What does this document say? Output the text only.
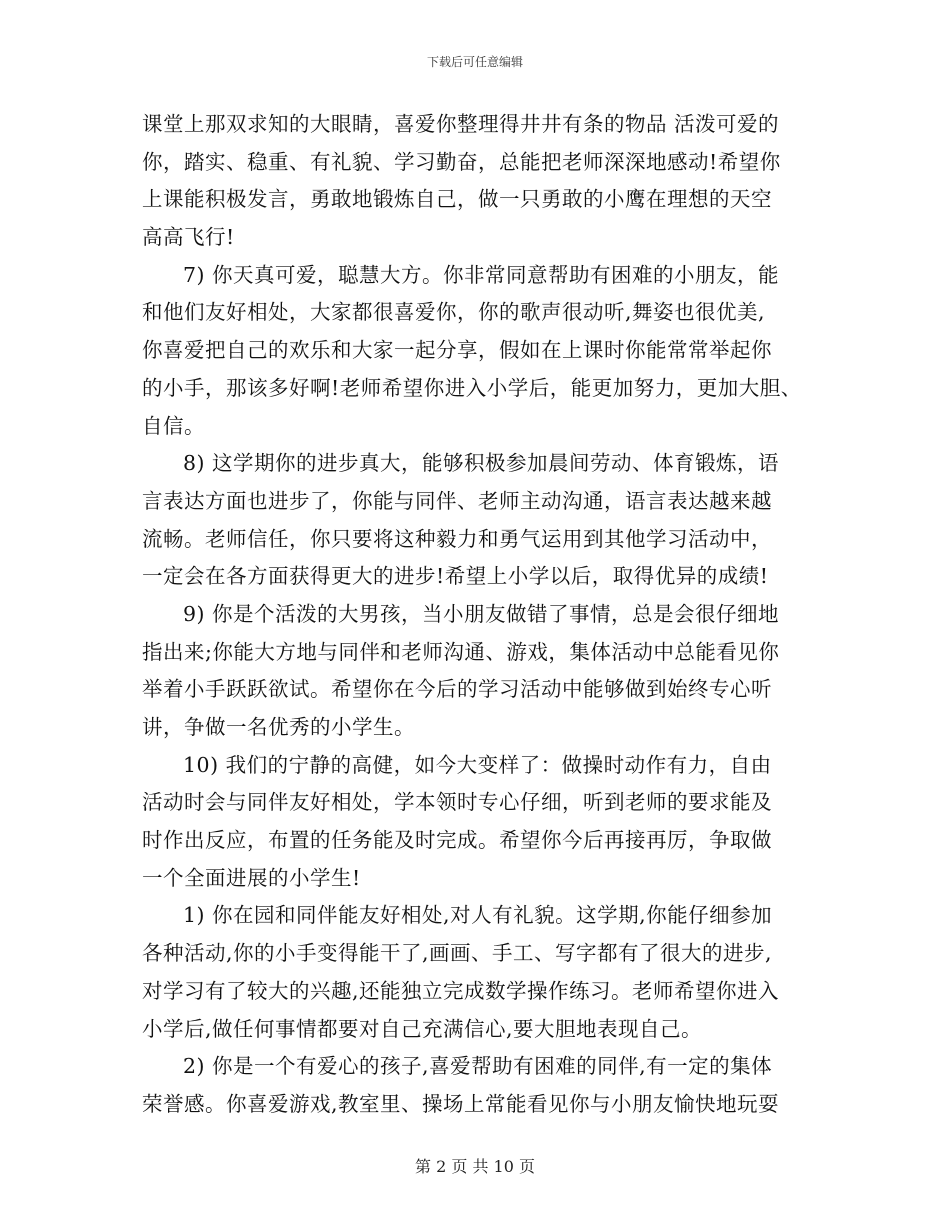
下载后可任意编辑
课堂上那双求知的大眼睛，喜爱你整理得井井有条的物品 活泼可爱的
你，踏实、稳重、有礼貌、学习勤奋，总能把老师深深地感动!希望你
上课能积极发言，勇敢地锻炼自己，做一只勇敢的小鹰在理想的天空
高高飞行!
7) 你天真可爱，聪慧大方。你非常同意帮助有困难的小朋友，能
和他们友好相处，大家都很喜爱你，你的歌声很动听,舞姿也很优美,
你喜爱把自己的欢乐和大家一起分享，假如在上课时你能常常举起你
的小手，那该多好啊!老师希望你进入小学后，能更加努力，更加大胆、
自信。
8) 这学期你的进步真大，能够积极参加晨间劳动、体育锻炼，语
言表达方面也进步了，你能与同伴、老师主动沟通，语言表达越来越
流畅。老师信任，你只要将这种毅力和勇气运用到其他学习活动中，
一定会在各方面获得更大的进步!希望上小学以后，取得优异的成绩!
9) 你是个活泼的大男孩，当小朋友做错了事情，总是会很仔细地
指出来;你能大方地与同伴和老师沟通、游戏，集体活动中总能看见你
举着小手跃跃欲试。希望你在今后的学习活动中能够做到始终专心听
讲，争做一名优秀的小学生。
10) 我们的宁静的高健，如今大变样了：做操时动作有力，自由
活动时会与同伴友好相处，学本领时专心仔细，听到老师的要求能及
时作出反应，布置的任务能及时完成。希望你今后再接再厉，争取做
一个全面进展的小学生!
1) 你在园和同伴能友好相处,对人有礼貌。这学期,你能仔细参加
各种活动,你的小手变得能干了,画画、手工、写字都有了很大的进步,
对学习有了较大的兴趣,还能独立完成数学操作练习。老师希望你进入
小学后,做任何事情都要对自己充满信心,要大胆地表现自己。
2) 你是一个有爱心的孩子,喜爱帮助有困难的同伴,有一定的集体
荣誉感。你喜爱游戏,教室里、操场上常能看见你与小朋友愉快地玩耍
第 2 页 共 10 页
